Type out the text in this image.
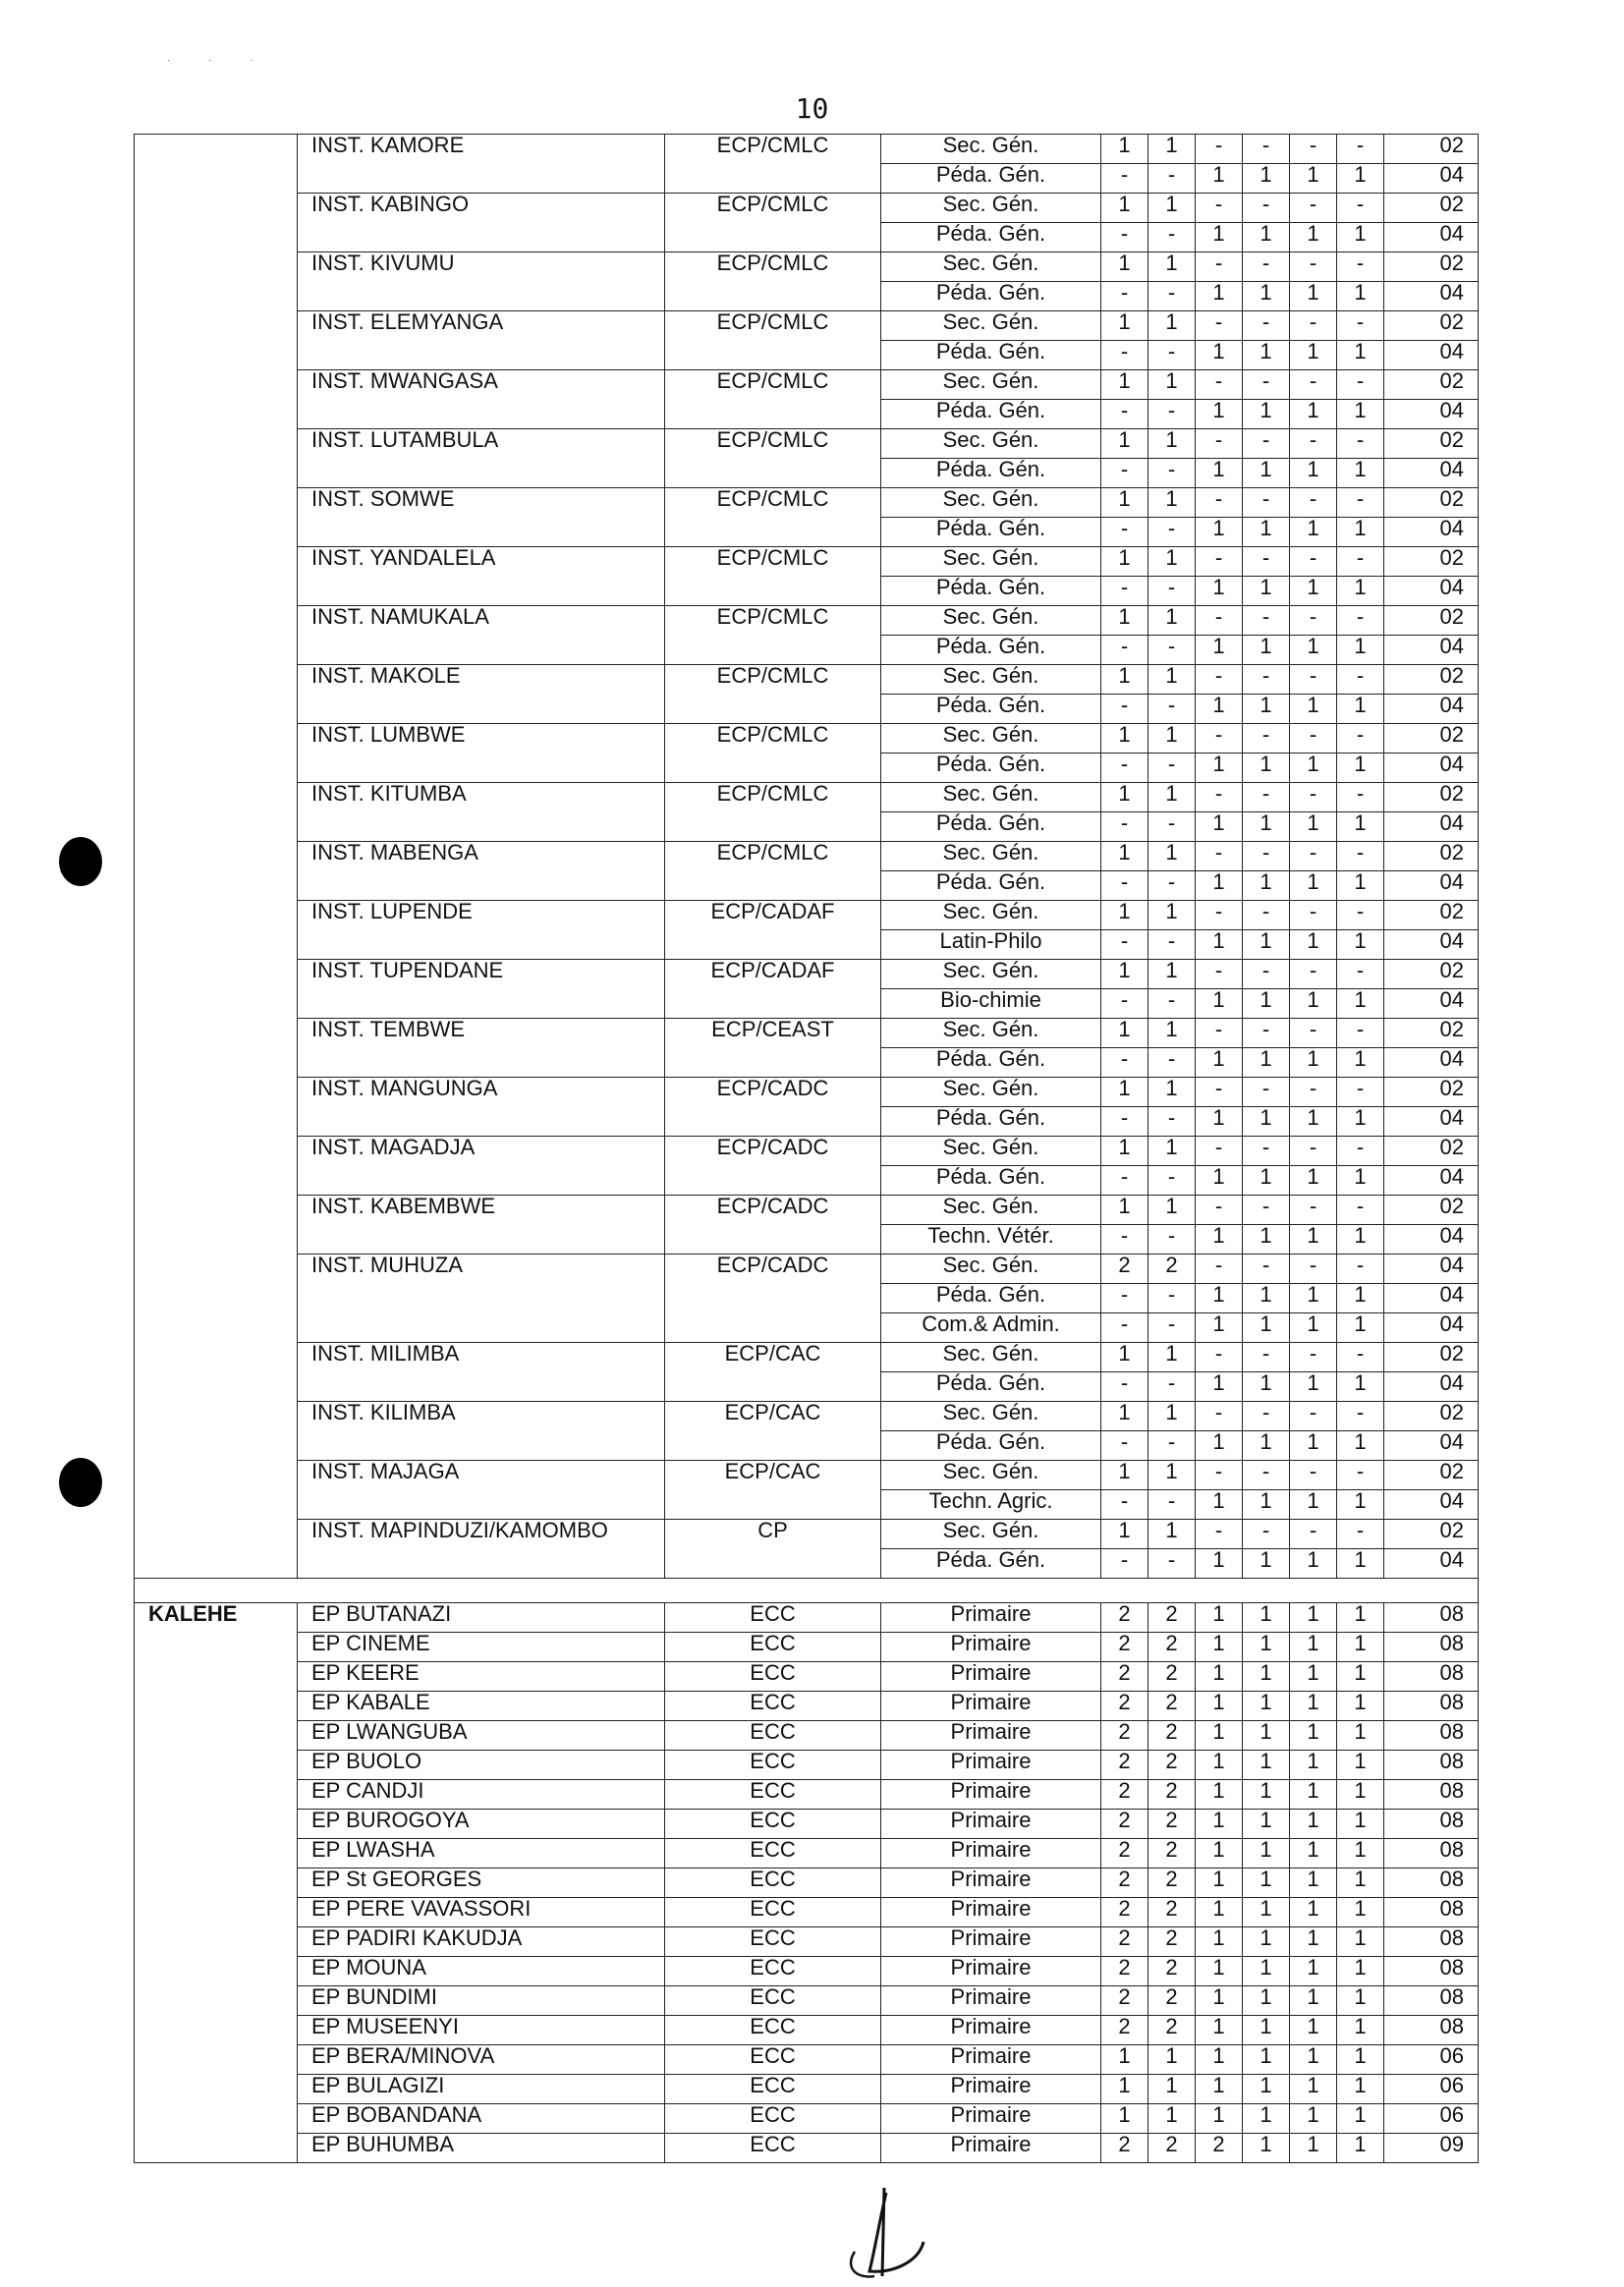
10
· · ·
	INST. KAMORE	ECP/CMLC	Sec. Gén.	1	1	-	-	-	-	02
			Péda. Gén.	-	-	1	1	1	1	04
	INST. KABINGO	ECP/CMLC	Sec. Gén.	1	1	-	-	-	-	02
			Péda. Gén.	-	-	1	1	1	1	04
	INST. KIVUMU	ECP/CMLC	Sec. Gén.	1	1	-	-	-	-	02
			Péda. Gén.	-	-	1	1	1	1	04
	INST. ELEMYANGA	ECP/CMLC	Sec. Gén.	1	1	-	-	-	-	02
			Péda. Gén.	-	-	1	1	1	1	04
	INST. MWANGASA	ECP/CMLC	Sec. Gén.	1	1	-	-	-	-	02
			Péda. Gén.	-	-	1	1	1	1	04
	INST. LUTAMBULA	ECP/CMLC	Sec. Gén.	1	1	-	-	-	-	02
			Péda. Gén.	-	-	1	1	1	1	04
	INST. SOMWE	ECP/CMLC	Sec. Gén.	1	1	-	-	-	-	02
			Péda. Gén.	-	-	1	1	1	1	04
	INST. YANDALELA	ECP/CMLC	Sec. Gén.	1	1	-	-	-	-	02
			Péda. Gén.	-	-	1	1	1	1	04
	INST. NAMUKALA	ECP/CMLC	Sec. Gén.	1	1	-	-	-	-	02
			Péda. Gén.	-	-	1	1	1	1	04
	INST. MAKOLE	ECP/CMLC	Sec. Gén.	1	1	-	-	-	-	02
			Péda. Gén.	-	-	1	1	1	1	04
	INST. LUMBWE	ECP/CMLC	Sec. Gén.	1	1	-	-	-	-	02
			Péda. Gén.	-	-	1	1	1	1	04
	INST. KITUMBA	ECP/CMLC	Sec. Gén.	1	1	-	-	-	-	02
			Péda. Gén.	-	-	1	1	1	1	04
	INST. MABENGA	ECP/CMLC	Sec. Gén.	1	1	-	-	-	-	02
			Péda. Gén.	-	-	1	1	1	1	04
	INST. LUPENDE	ECP/CADAF	Sec. Gén.	1	1	-	-	-	-	02
			Latin-Philo	-	-	1	1	1	1	04
	INST. TUPENDANE	ECP/CADAF	Sec. Gén.	1	1	-	-	-	-	02
			Bio-chimie	-	-	1	1	1	1	04
	INST. TEMBWE	ECP/CEAST	Sec. Gén.	1	1	-	-	-	-	02
			Péda. Gén.	-	-	1	1	1	1	04
	INST. MANGUNGA	ECP/CADC	Sec. Gén.	1	1	-	-	-	-	02
			Péda. Gén.	-	-	1	1	1	1	04
	INST. MAGADJA	ECP/CADC	Sec. Gén.	1	1	-	-	-	-	02
			Péda. Gén.	-	-	1	1	1	1	04
	INST. KABEMBWE	ECP/CADC	Sec. Gén.	1	1	-	-	-	-	02
			Techn. Vétér.	-	-	1	1	1	1	04
	INST. MUHUZA	ECP/CADC	Sec. Gén.	2	2	-	-	-	-	04
			Péda. Gén.	-	-	1	1	1	1	04
			Com.& Admin.	-	-	1	1	1	1	04
	INST. MILIMBA	ECP/CAC	Sec. Gén.	1	1	-	-	-	-	02
			Péda. Gén.	-	-	1	1	1	1	04
	INST. KILIMBA	ECP/CAC	Sec. Gén.	1	1	-	-	-	-	02
			Péda. Gén.	-	-	1	1	1	1	04
	INST. MAJAGA	ECP/CAC	Sec. Gén.	1	1	-	-	-	-	02
			Techn. Agric.	-	-	1	1	1	1	04
	INST. MAPINDUZI/KAMOMBO	CP	Sec. Gén.	1	1	-	-	-	-	02
			Péda. Gén.	-	-	1	1	1	1	04

KALEHE	EP BUTANAZI	ECC	Primaire	2	2	1	1	1	1	08
	EP CINEME	ECC	Primaire	2	2	1	1	1	1	08
	EP KEERE	ECC	Primaire	2	2	1	1	1	1	08
	EP KABALE	ECC	Primaire	2	2	1	1	1	1	08
	EP LWANGUBA	ECC	Primaire	2	2	1	1	1	1	08
	EP BUOLO	ECC	Primaire	2	2	1	1	1	1	08
	EP CANDJI	ECC	Primaire	2	2	1	1	1	1	08
	EP BUROGOYA	ECC	Primaire	2	2	1	1	1	1	08
	EP LWASHA	ECC	Primaire	2	2	1	1	1	1	08
	EP St GEORGES	ECC	Primaire	2	2	1	1	1	1	08
	EP PERE VAVASSORI	ECC	Primaire	2	2	1	1	1	1	08
	EP PADIRI KAKUDJA	ECC	Primaire	2	2	1	1	1	1	08
	EP MOUNA	ECC	Primaire	2	2	1	1	1	1	08
	EP BUNDIMI	ECC	Primaire	2	2	1	1	1	1	08
	EP MUSEENYI	ECC	Primaire	2	2	1	1	1	1	08
	EP BERA/MINOVA	ECC	Primaire	1	1	1	1	1	1	06
	EP BULAGIZI	ECC	Primaire	1	1	1	1	1	1	06
	EP BOBANDANA	ECC	Primaire	1	1	1	1	1	1	06
	EP BUHUMBA	ECC	Primaire	2	2	2	1	1	1	09
